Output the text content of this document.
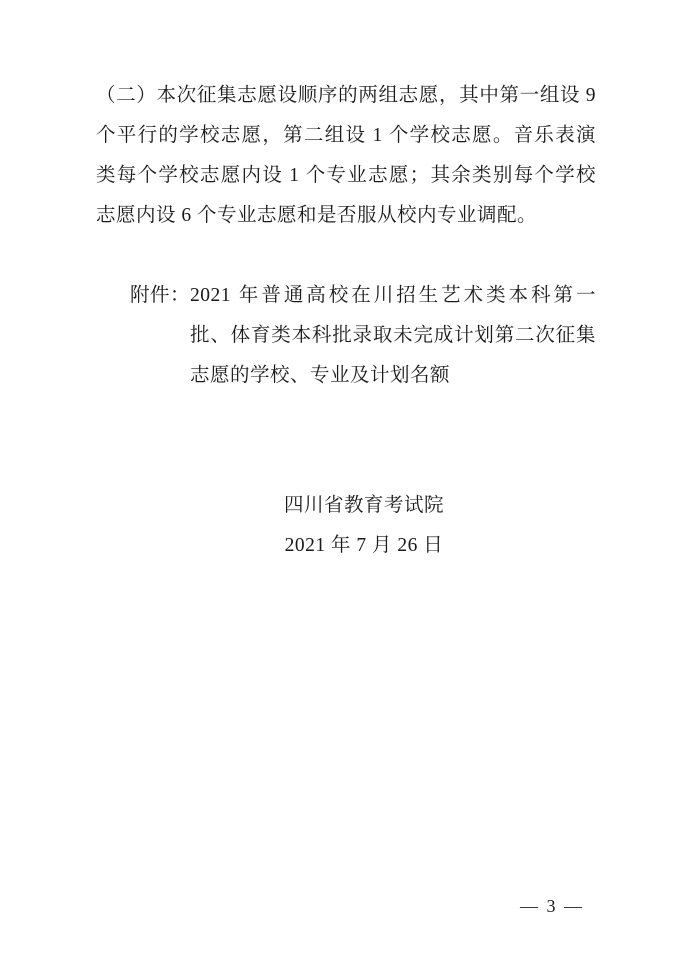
（二）本次征集志愿设顺序的两组志愿，其中第一组设 9 个平行的学校志愿，第二组设 1 个学校志愿。音乐表演类每个学校志愿内设 1 个专业志愿；其余类别每个学校志愿内设 6 个专业志愿和是否服从校内专业调配。

附件： 2021 年普通高校在川招生艺术类本科第一批、体育类本科批录取未完成计划第二次征集志愿的学校、专业及计划名额
四川省教育考试院
2021 年 7 月 26 日
— 3 —
